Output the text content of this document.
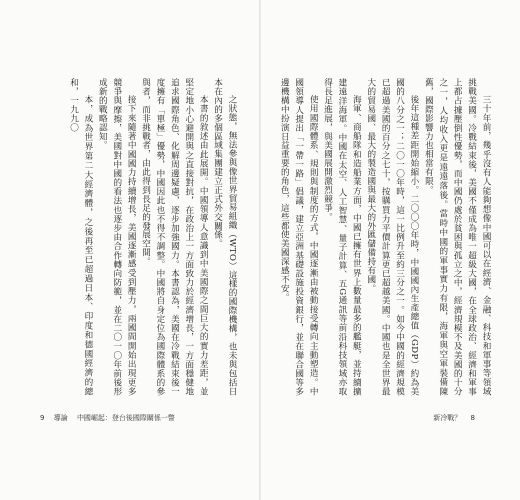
之狀態，無法參與像世界貿易組織（WTO）這樣的國際機構，也未與包括日本在內的多個區域集團建立正式外交關係。

本書的敘述由此展開。中國領導人意識到中美國際之間巨大的實力差距，並堅定地小心避開與之直接對抗，在政治上一方面致力於經濟增長，一方面穩健地追求國際角色、化解周邊疑慮，逐步加強國力。本書認為，美國在冷戰結束後一度擁有「單極」優勢，中國因此也不得不調整。中國將自身定位為國際體系的參與者，而非挑戰者，由此得到長足的發展空間。

接下來隨著中國國力持續增長，美國逐漸感受到壓力，兩國間開始出現更多競爭與摩擦，美國對中國的看法也逐步由合作轉向防範，並在二〇一〇年前後形成新的戰略認知。

本，成為世界第二大經濟體，之後再至已超過日本、印度和德國經濟的總和，一九九〇

9 導論 中國崛起：登台後國際關係一瞥

三十年前，幾乎沒有人能夠想像中國可以在經濟、金融、科技和軍事等領域挑戰美國。冷戰結束後，美國不僅成為唯一超級大國，在全球政治、經濟和軍事上都占據壓倒性優勢，而中國仍處於貧困與孤立之中，經濟規模不及美國的十分之一，人均收入更是遠遠落後。當時中國的軍事實力有限，海軍與空軍裝備陳舊，國際影響力也相當有限。

後年這種差距開始縮小。二〇〇〇年時，中國國內生產總值（GDP）約為美國的八分之一；二〇一〇年時，這一比例升至約三分之一。如今中國的經濟規模已超過美國的百分之七十，按購買力平價計算更已超越美國。中國也是全世界最大的貿易國、最大的製造國與最大的外匯儲備持有國。

海軍、商船隊和造船業方面，中國已擁有世界上數量最多的艦艇，並持續擴建遠洋海軍。中國在太空、人工智慧、量子計算、五G通訊等前沿科技領域亦取得長足進展，與美國展開激烈競爭。

使用國際體系、規則與制度的方式，中國逐漸由被動接受轉向主動塑造。中國領導人提出「一帶一路」倡議，建立亞洲基礎設施投資銀行，並在聯合國等多邊機構中扮演日益重要的角色，這些都使美國深感不安。

新冷戰？ 8
